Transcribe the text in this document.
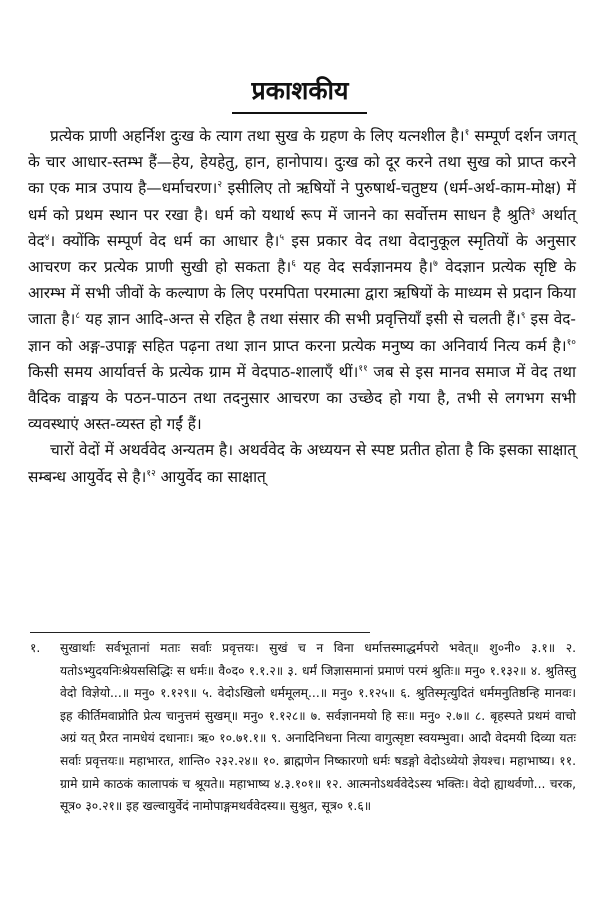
प्रकाशकीय

प्रत्येक प्राणी अहर्निश दुःख के त्याग तथा सुख के ग्रहण के लिए यत्नशील है।$^१$ सम्पूर्ण दर्शन जगत् के चार आधार-स्तम्भ हैं—हेय, हेयहेतु, हान, हानोपाय। दुःख को दूर करने तथा सुख को प्राप्त करने का एक मात्र उपाय है—धर्माचरण।$^२$ इसीलिए तो ऋषियों ने पुरुषार्थ-चतुष्टय (धर्म-अर्थ-काम-मोक्ष) में धर्म को प्रथम स्थान पर रखा है। धर्म को यथार्थ रूप में जानने का सर्वोत्तम साधन है श्रुति$^३$ अर्थात् वेद$^४$। क्योंकि सम्पूर्ण वेद धर्म का आधार है।$^५$ इस प्रकार वेद तथा वेदानुकूल स्मृतियों के अनुसार आचरण कर प्रत्येक प्राणी सुखी हो सकता है।$^६$ यह वेद सर्वज्ञानमय है।$^७$ वेदज्ञान प्रत्येक सृष्टि के आरम्भ में सभी जीवों के कल्याण के लिए परमपिता परमात्मा द्वारा ऋषियों के माध्यम से प्रदान किया जाता है।$^८$ यह ज्ञान आदि-अन्त से रहित है तथा संसार की सभी प्रवृत्तियाँ इसी से चलती हैं।$^९$ इस वेद-ज्ञान को अङ्ग-उपाङ्ग सहित पढ़ना तथा ज्ञान प्राप्त करना प्रत्येक मनुष्य का अनिवार्य नित्य कर्म है।$^{१०}$ किसी समय आर्यावर्त्त के प्रत्येक ग्राम में वेदपाठ-शालाएँ थीं।$^{११}$ जब से इस मानव समाज में वेद तथा वैदिक वाङ्मय के पठन-पाठन तथा तदनुसार आचरण का उच्छेद हो गया है, तभी से लगभग सभी व्यवस्थाएं अस्त-व्यस्त हो गईं हैं।

चारों वेदों में अथर्ववेद अन्यतम है। अथर्ववेद के अध्ययन से स्पष्ट प्रतीत होता है कि इसका साक्षात् सम्बन्ध आयुर्वेद से है।$^{१२}$ आयुर्वेद का साक्षात्

१.	सुखार्थाः सर्वभूतानां मताः सर्वाः प्रवृत्तयः। सुखं च न विना धर्मात्तस्माद्धर्मपरो भवेत्॥ शु०नी० ३.१॥ २. यतोऽभ्युदयनिःश्रेयससिद्धिः स धर्मः॥ वै०द० १.१.२॥ ३. धर्मं जिज्ञासमानां प्रमाणं परमं श्रुतिः॥ मनु० १.१३२॥ ४. श्रुतिस्तु वेदो विज्ञेयो...॥ मनु० १.१२९॥ ५. वेदोऽखिलो धर्ममूलम्...॥ मनु० १.१२५॥ ६. श्रुतिस्मृत्युदितं धर्ममनुतिष्ठन्हि मानवः। इह कीर्तिमवाप्नोति प्रेत्य चानुत्तमं सुखम्॥ मनु० १.१२८॥ ७. सर्वज्ञानमयो हि सः॥ मनु० २.७॥ ८. बृहस्पते प्रथमं वाचो अग्रं यत् प्रैरत नामधेयं दधानाः। ऋ० १०.७१.१॥ ९. अनादिनिधना नित्या वागुत्सृष्टा स्वयम्भुवा। आदौ वेदमयी दिव्या यतः सर्वाः प्रवृत्तयः॥ महाभारत, शान्ति० २३२.२४॥ १०. ब्राह्मणेन निष्कारणो धर्मः षडङ्गो वेदोऽध्येयो ज्ञेयश्च। महाभाष्य। ११. ग्रामे ग्रामे काठकं कालापकं च श्रूयते॥ महाभाष्य ४.३.१०१॥ १२. आत्मनोऽथर्ववेदेऽस्य भक्तिः। वेदो ह्याथर्वणो... चरक, सूत्र० ३०.२१॥ इह खल्वायुर्वेदं नामोपाङ्गमथर्ववेदस्य॥ सुश्रुत, सूत्र० १.६॥
